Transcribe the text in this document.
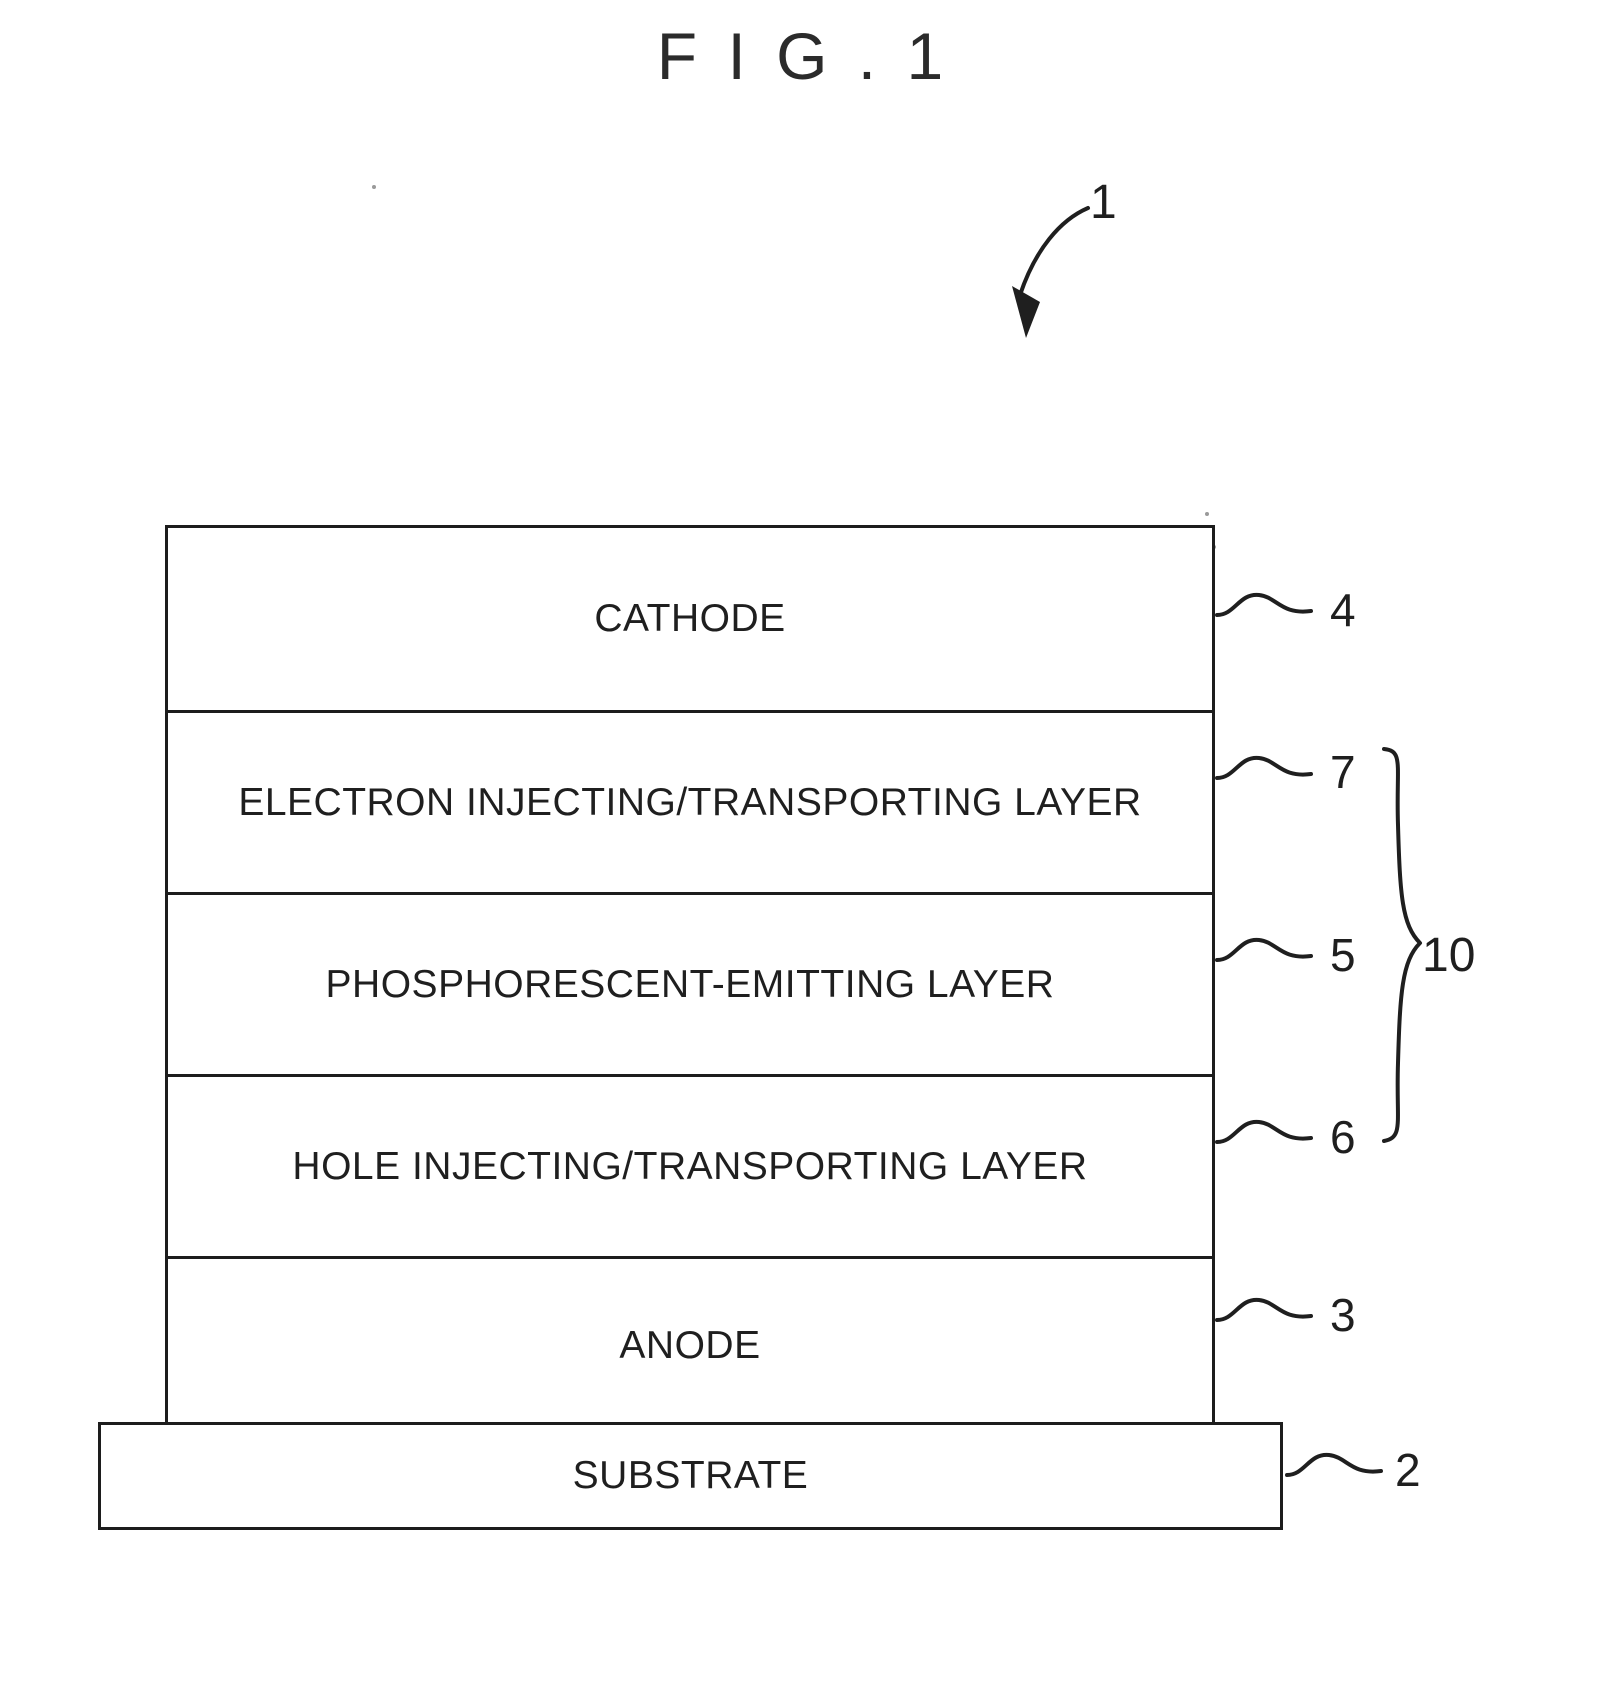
F I G . 1
1
CATHODE
ELECTRON INJECTING/TRANSPORTING LAYER
PHOSPHORESCENT-EMITTING LAYER
HOLE INJECTING/TRANSPORTING LAYER
ANODE
SUBSTRATE
4
7
5
6
3
2
10
